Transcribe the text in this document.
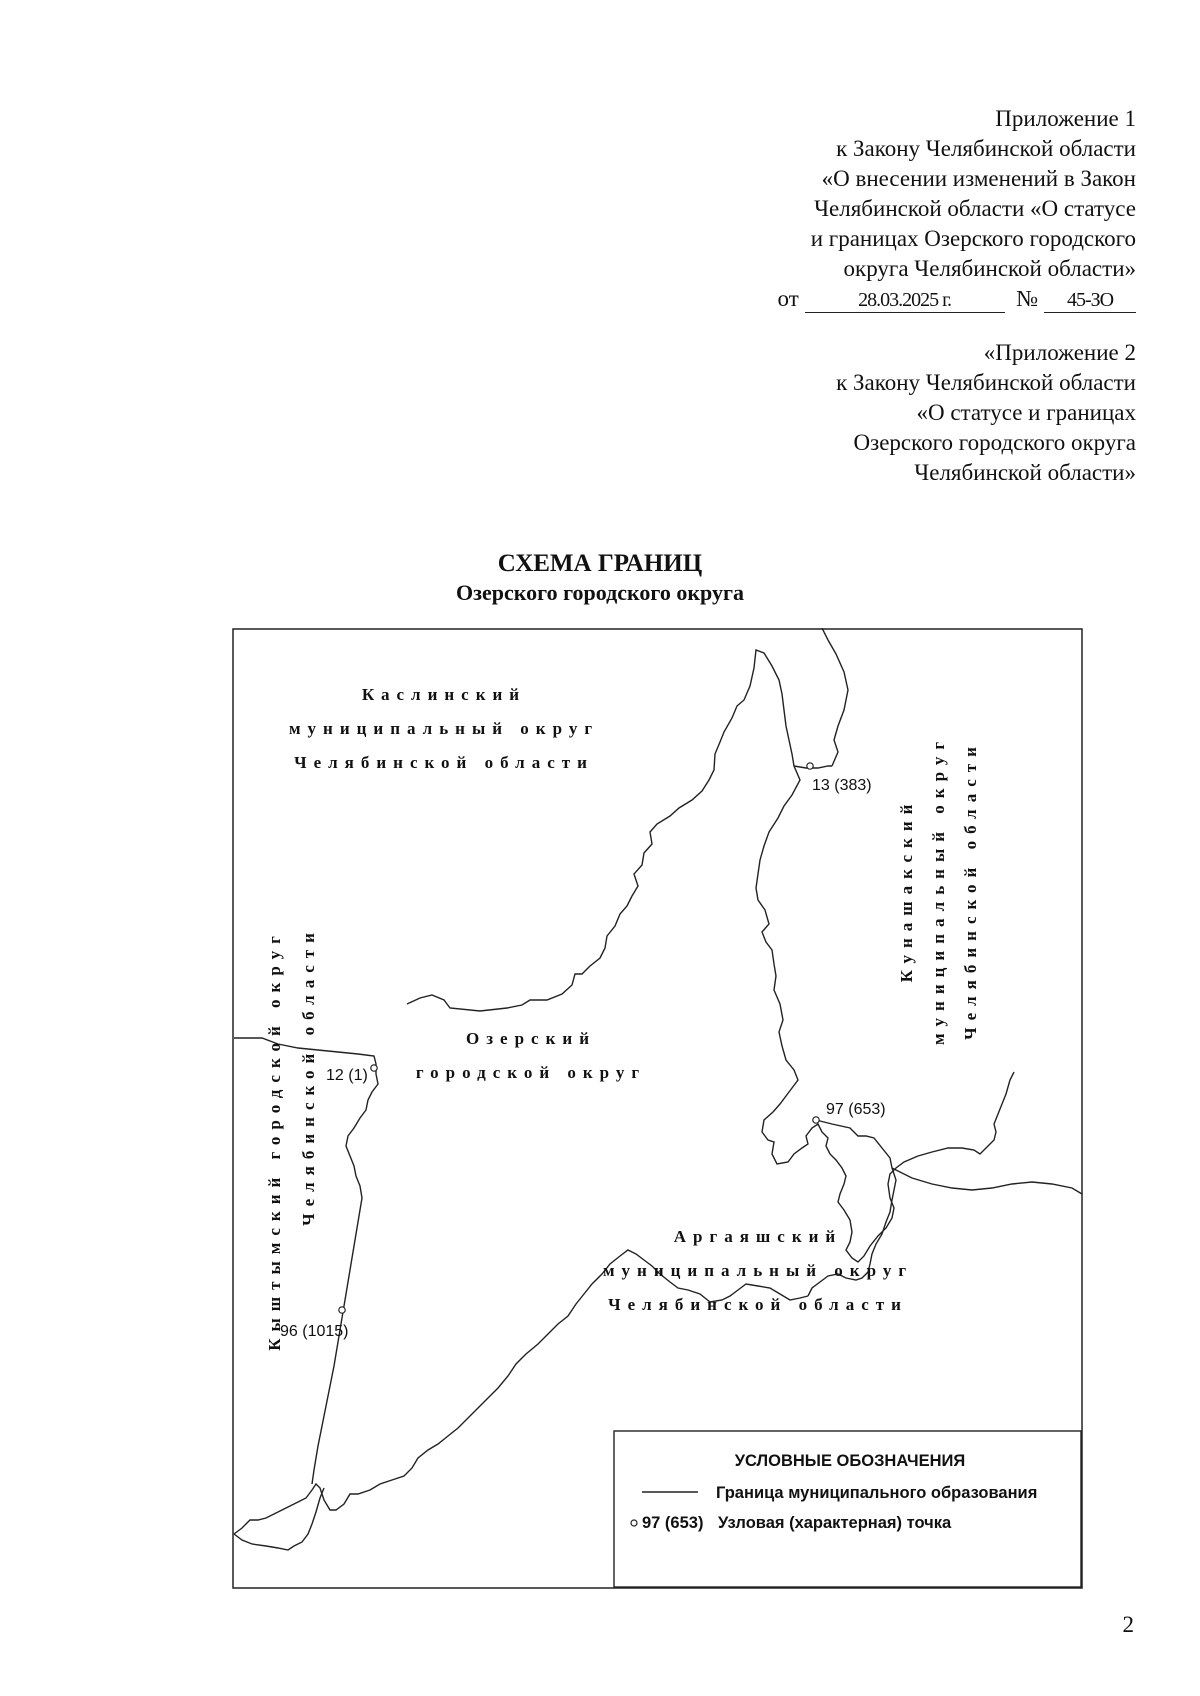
Приложение 1
к Закону Челябинской области
«О внесении изменений в Закон
Челябинской области «О статусе
и границах Озерского городского
округа Челябинской области»
от	28.03.2025 г.	№ 45-ЗО
«Приложение 2
к Закону Челябинской области
«О статусе и границах
Озерского городского округа
Челябинской области»
СХЕМА ГРАНИЦ
Озерского городского округа
13 (383)
12 (1)
97 (653)
96 (1015)
Каслинский
муниципальный округ
Челябинской области
Озерский
городской округ
Аргаяшский
муниципальный округ
Челябинской области
Кунашакский муниципальный округ Челябинской области
Кыштымский городской округ Челябинской области
УСЛОВНЫЕ ОБОЗНАЧЕНИЯ
Граница муниципального образования
97 (653) Узловая (характерная) точка
2
